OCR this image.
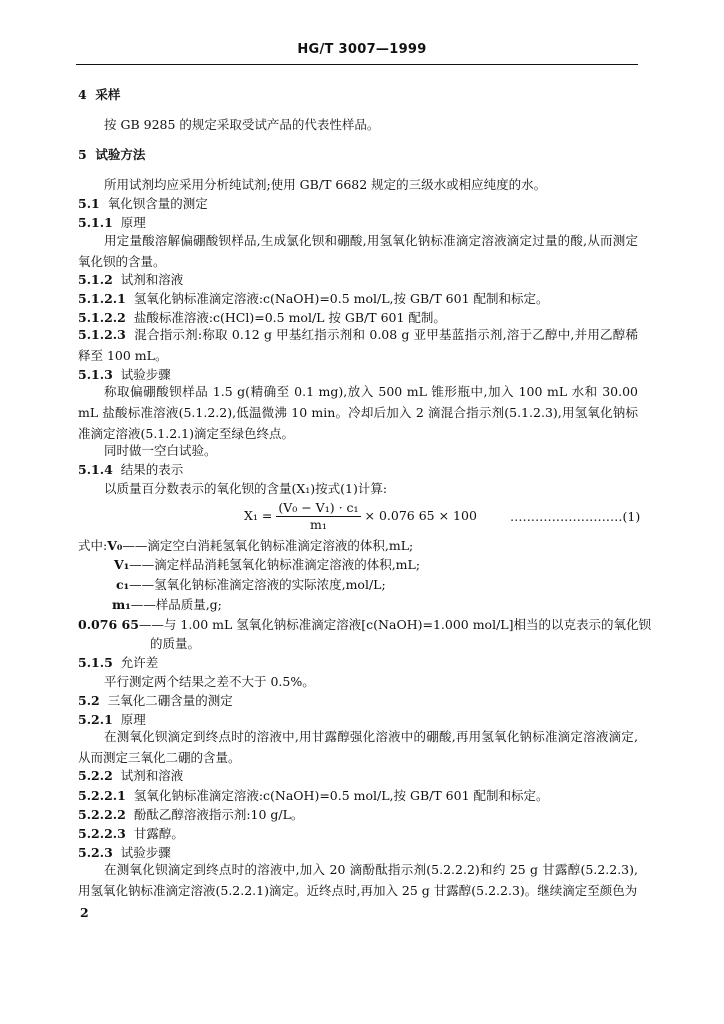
HG/T 3007—1999
4 采样
按 GB 9285 的规定采取受试产品的代表性样品。
5 试验方法
所用试剂均应采用分析纯试剂;使用 GB/T 6682 规定的三级水或相应纯度的水。
5.1 氧化钡含量的测定
5.1.1 原理
用定量酸溶解偏硼酸钡样品,生成氯化钡和硼酸,用氢氧化钠标准滴定溶液滴定过量的酸,从而测定氧化钡的含量。
5.1.2 试剂和溶液
5.1.2.1 氢氧化钠标准滴定溶液:c(NaOH)=0.5 mol/L,按 GB/T 601 配制和标定。
5.1.2.2 盐酸标准溶液:c(HCl)=0.5 mol/L 按 GB/T 601 配制。
5.1.2.3 混合指示剂:称取 0.12 g 甲基红指示剂和 0.08 g 亚甲基蓝指示剂,溶于乙醇中,并用乙醇稀释至 100 mL。
5.1.3 试验步骤
称取偏硼酸钡样品 1.5 g(精确至 0.1 mg),放入 500 mL 锥形瓶中,加入 100 mL 水和 30.00 mL 盐酸标准溶液(5.1.2.2),低温微沸 10 min。冷却后加入 2 滴混合指示剂(5.1.2.3),用氢氧化钠标准滴定溶液(5.1.2.1)滴定至绿色终点。
同时做一空白试验。
5.1.4 结果的表示
以质量百分数表示的氧化钡的含量(X₁)按式(1)计算:
$X_1 = \frac{\text{(V₀ − V₁) · c₁}}{\text{m₁}} \times 0.076$ 65 × 100	………………………(1)
式中:V₀——滴定空白消耗氢氧化钠标准滴定溶液的体积,mL;
V₁——滴定样品消耗氢氧化钠标准滴定溶液的体积,mL;
c₁——氢氧化钠标准滴定溶液的实际浓度,mol/L;
m₁——样品质量,g;
0.076 65——与 1.00 mL 氢氧化钠标准滴定溶液[c(NaOH)=1.000 mol/L]相当的以克表示的氧化钡
的质量。
5.1.5 允许差
平行测定两个结果之差不大于 0.5%。
5.2 三氧化二硼含量的测定
5.2.1 原理
在测氧化钡滴定到终点时的溶液中,用甘露醇强化溶液中的硼酸,再用氢氧化钠标准滴定溶液滴定,从而测定三氧化二硼的含量。
5.2.2 试剂和溶液
5.2.2.1 氢氧化钠标准滴定溶液:c(NaOH)=0.5 mol/L,按 GB/T 601 配制和标定。
5.2.2.2 酚酞乙醇溶液指示剂:10 g/L。
5.2.2.3 甘露醇。
5.2.3 试验步骤
在测氧化钡滴定到终点时的溶液中,加入 20 滴酚酞指示剂(5.2.2.2)和约 25 g 甘露醇(5.2.2.3),用氢氧化钠标准滴定溶液(5.2.2.1)滴定。近终点时,再加入 25 g 甘露醇(5.2.2.3)。继续滴定至颜色为
2
